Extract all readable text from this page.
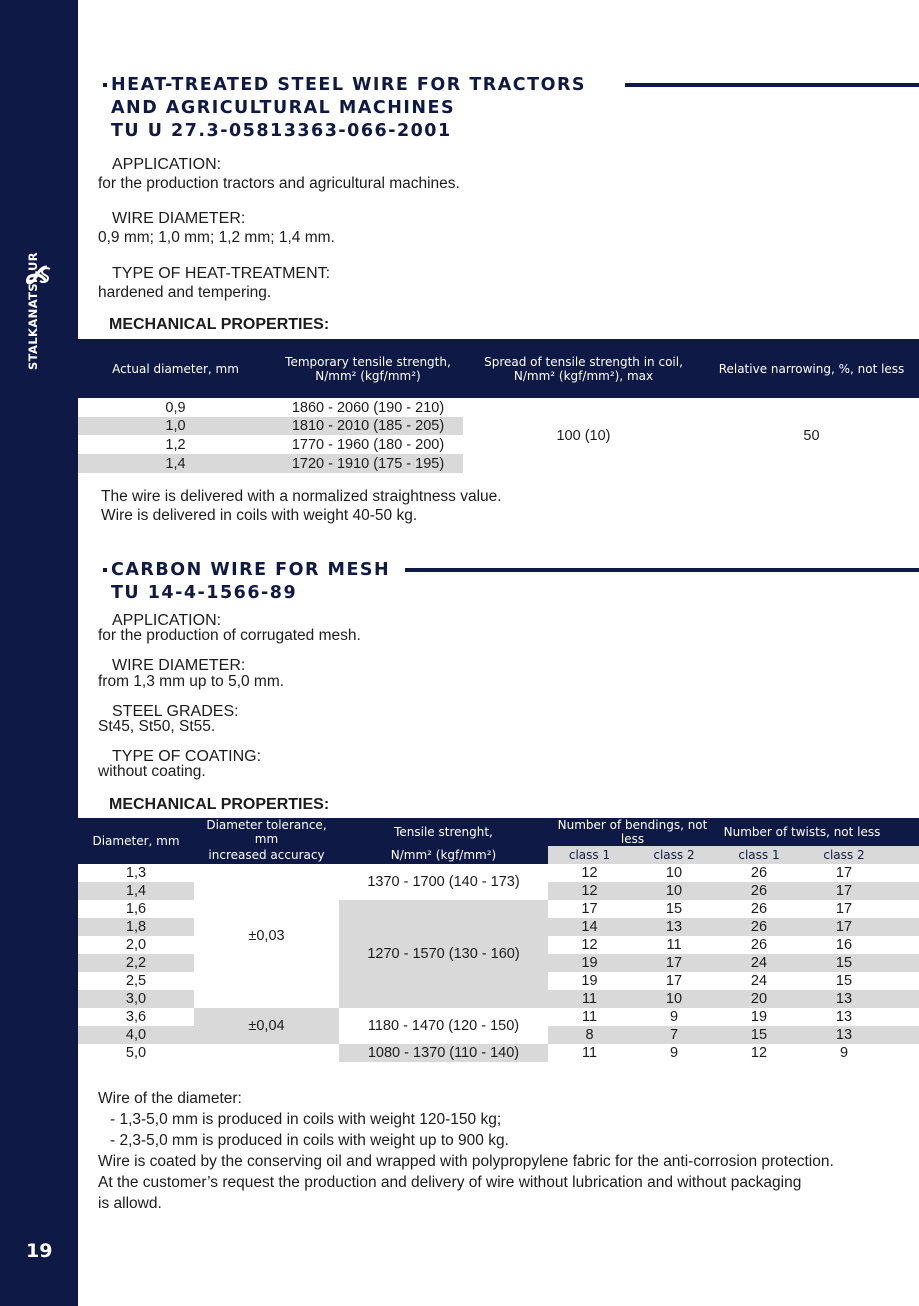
STALKANATSILUR
19
HEAT-TREATED STEEL WIRE FOR TRACTORS
AND AGRICULTURAL MACHINES
TU U 27.3-05813363-066-2001
APPLICATION:
for the production tractors and agricultural machines.
WIRE DIAMETER:
0,9 mm; 1,0 mm; 1,2 mm; 1,4 mm.
TYPE OF HEAT-TREATMENT:
hardened and tempering.
MECHANICAL PROPERTIES:
Actual diameter, mm	Temporary tensile strength, N/mm² (kgf/mm²)	Spread of tensile strength in coil, N/mm² (kgf/mm²), max	Relative narrowing, %, not less
0,9	1860 - 2060 (190 - 210)	100 (10)	50
1,0	1810 - 2010 (185 - 205)		
1,2	1770 - 1960 (180 - 200)		
1,4	1720 - 1910 (175 - 195)		
The wire is delivered with a normalized straightness value.
Wire is delivered in coils with weight 40-50 kg.
CARBON WIRE FOR MESH
TU 14-4-1566-89
APPLICATION:
for the production of corrugated mesh.
WIRE DIAMETER:
from 1,3 mm up to 5,0 mm.
STEEL GRADES:
St45, St50, St55.
TYPE OF COATING:
without coating.
MECHANICAL PROPERTIES:
Diameter, mm	Diameter tolerance, mm	Tensile strenght,	Number of bendings, not less		Number of twists, not less		
	increased accuracy	N/mm² (kgf/mm²)	class 1	class 2	class 1	class 2	
1,3	±0,03	1370 - 1700 (140 - 173)	12	10	26	17	
1,4			12	10	26	17	
1,6		1270 - 1570 (130 - 160)	17	15	26	17	
1,8			14	13	26	17	
2,0			12	11	26	16	
2,2			19	17	24	15	
2,5			19	17	24	15	
3,0			11	10	20	13	
3,6	±0,04	1180 - 1470 (120 - 150)	11	9	19	13	
4,0			8	7	15	13	
5,0		1080 - 1370 (110 - 140)	11	9	12	9	
Wire of the diameter:
- 1,3-5,0 mm is produced in coils with weight 120-150 kg;
- 2,3-5,0 mm is produced in coils with weight up to 900 kg.
Wire is coated by the conserving oil and wrapped with polypropylene fabric for the anti-corrosion protection.
At the customer’s request the production and delivery of wire without lubrication and without packaging
is allowd.
